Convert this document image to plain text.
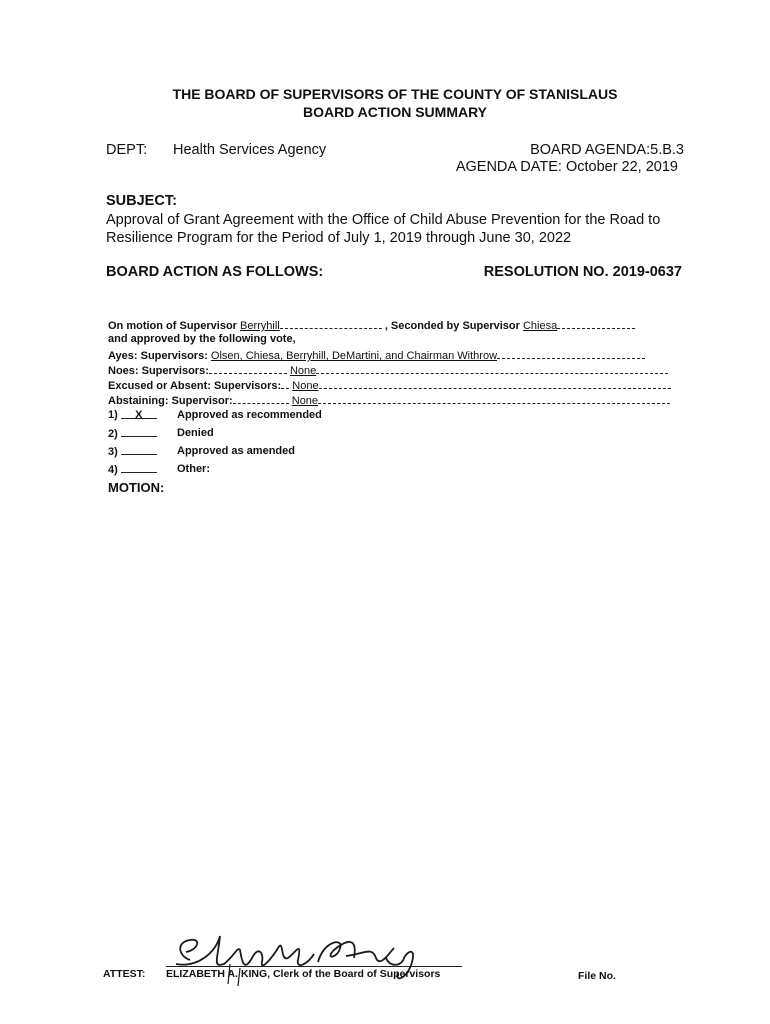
THE BOARD OF SUPERVISORS OF THE COUNTY OF STANISLAUS
BOARD ACTION SUMMARY
DEPT: Health Services Agency	BOARD AGENDA:5.B.3
AGENDA DATE: October 22, 2019
SUBJECT:
Approval of Grant Agreement with the Office of Child Abuse Prevention for the Road to
Resilience Program for the Period of July 1, 2019 through June 30, 2022
BOARD ACTION AS FOLLOWS:	RESOLUTION NO. 2019-0637
On motion of Supervisor Berryhill	, Seconded by Supervisor Chiesa
and approved by the following vote,
Ayes: Supervisors: Olsen, Chiesa, Berryhill, DeMartini, and Chairman Withrow
Noes: Supervisors:	None
Excused or Absent: Supervisors: None
Abstaining: Supervisor:	None
1) X	Approved as recommended
2)	Denied
3)	Approved as amended
4)	Other:
MOTION:
ATTEST: ELIZABETH A. KING, Clerk of the Board of Supervisors	File No.
